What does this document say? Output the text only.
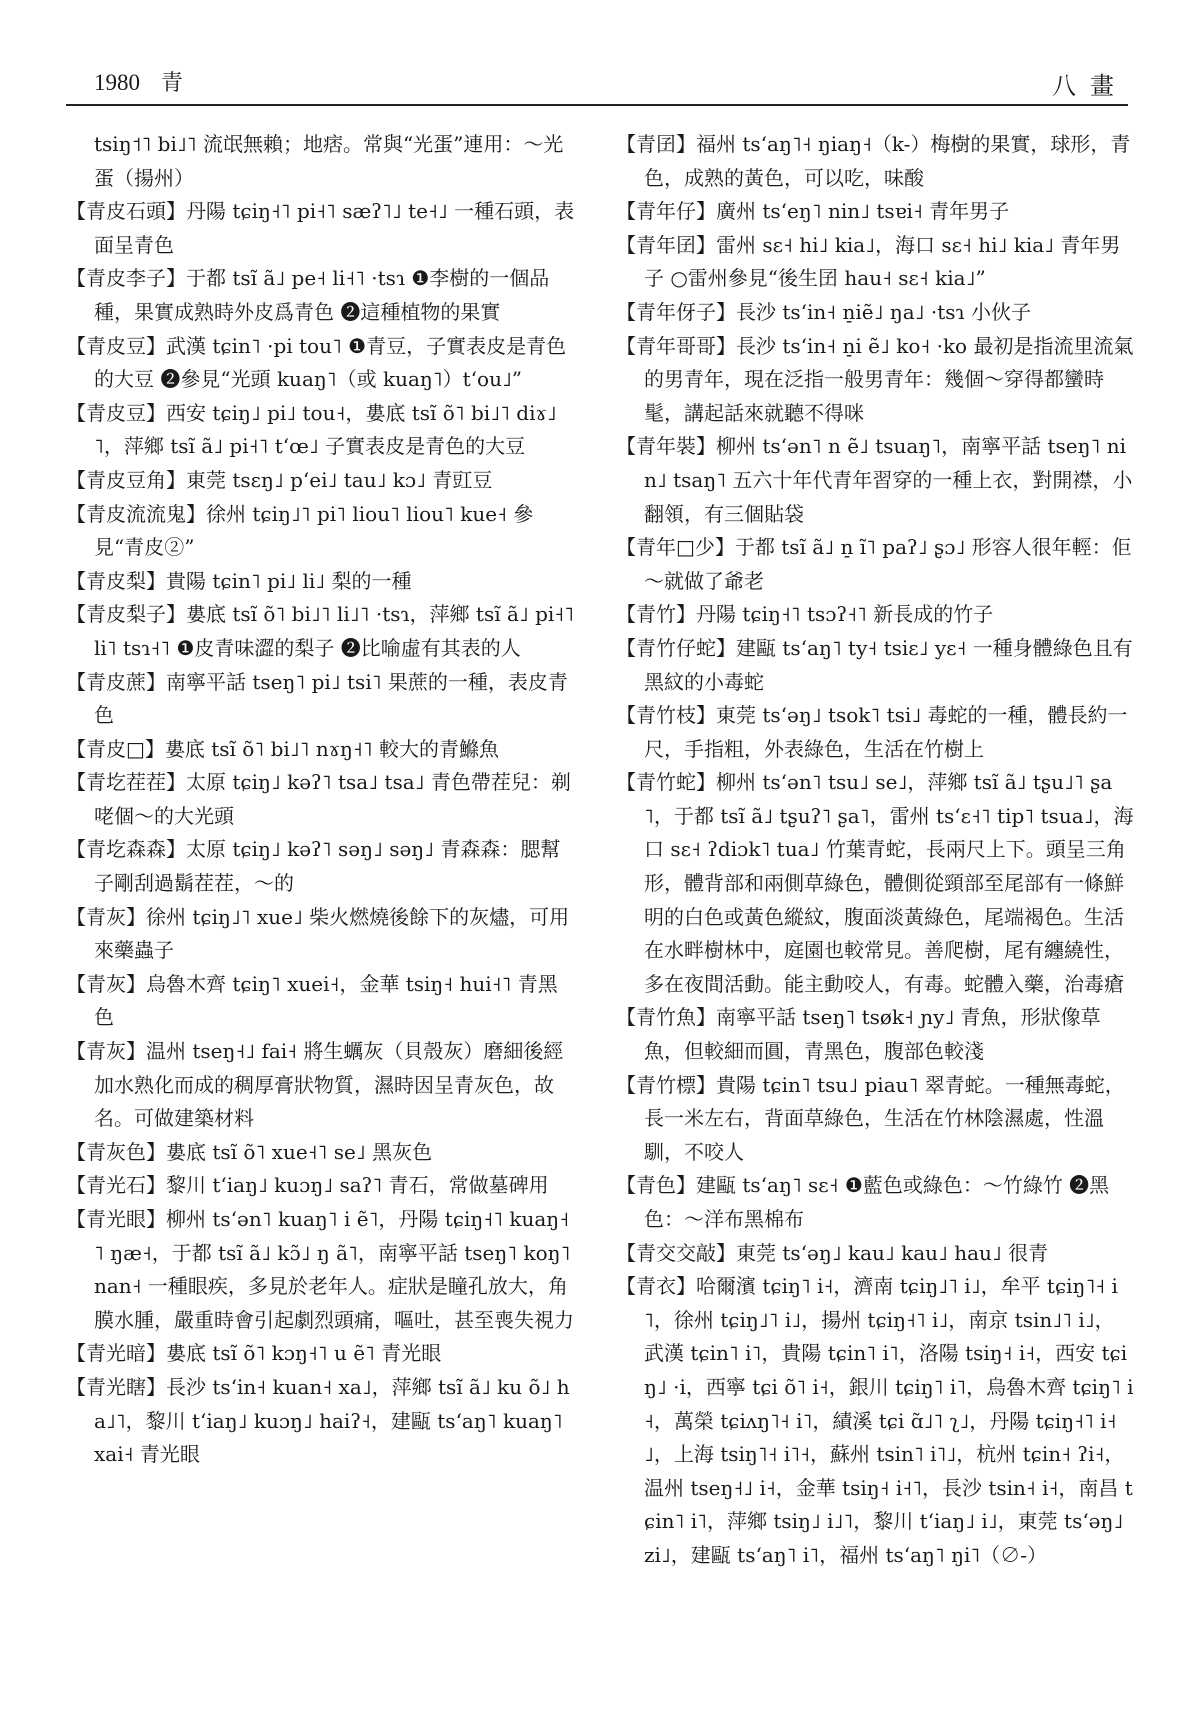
1980 青	八畫

tsiŋ˦˥ bi˩˥ 流氓無賴；地痞。常與“光蛋”連用：～光蛋（揚州）

【青皮石頭】丹陽 tɕiŋ˧˥ pi˧˥ sæʔ˥˩ te˧˩ 一種石頭，表面呈青色

【青皮李子】于都 tsĩ ã˩ pe˧ li˧˥ ·tsɿ ❶李樹的一個品種，果實成熟時外皮爲青色 ❷這種植物的果實

【青皮豆】武漢 tɕin˥ ·pi tou˥ ❶青豆，子實表皮是青色的大豆 ❷參見“光頭 kuaŋ˥（或 kuaŋ˥）tʻou˩”

【青皮豆】西安 tɕiŋ˩ pi˩ tou˧，婁底 tsĩ õ˥ bi˩˥ diɤ˩˥，萍鄉 tsĩ ã˩ pi˧˥ tʻœ˩ 子實表皮是青色的大豆

【青皮豆角】東莞 tsɛŋ˩ pʻei˩ tau˩ kɔ˩ 青豇豆

【青皮流流鬼】徐州 tɕiŋ˩˥ pi˥ liou˥ liou˥ kue˧ 參見“青皮②”

【青皮梨】貴陽 tɕin˥ pi˩ li˩ 梨的一種

【青皮梨子】婁底 tsĩ õ˥ bi˩˥ li˩˥ ·tsɿ，萍鄉 tsĩ ã˩ pi˧˥ li˥ tsɿ˧˥ ❶皮青味澀的梨子 ❷比喻虛有其表的人

【青皮蔗】南寧平話 tseŋ˥ pi˩ tsi˥ 果蔗的一種，表皮青色

【青皮□】婁底 tsĩ õ˥ bi˩˥ nɤŋ˧˥ 較大的青鰷魚

【青圪茬茬】太原 tɕiŋ˩ kəʔ˥ tsa˩ tsa˩ 青色帶茬兒：剃咾個～的大光頭

【青圪森森】太原 tɕiŋ˩ kəʔ˥ səŋ˩ səŋ˩ 青森森：腮幫子剛刮過鬍茬茬，～的

【青灰】徐州 tɕiŋ˩˥ xue˩ 柴火燃燒後餘下的灰燼，可用來藥蟲子

【青灰】烏魯木齊 tɕiŋ˥ xuei˧，金華 tsiŋ˧ hui˧˥ 青黑色

【青灰】温州 tseŋ˧˩ fai˧ 將生蠣灰（貝殼灰）磨細後經加水熟化而成的稠厚膏狀物質，濕時因呈青灰色，故名。可做建築材料

【青灰色】婁底 tsĩ õ˥ xue˧˥ se˩ 黑灰色

【青光石】黎川 tʻiaŋ˩ kuɔŋ˩ saʔ˥ 青石，常做墓碑用

【青光眼】柳州 tsʻən˥ kuaŋ˥ i ẽ˥，丹陽 tɕiŋ˧˥ kuaŋ˧˥ ŋæ˧，于都 tsĩ ã˩ kɔ̃˩ ŋ ã˥，南寧平話 tseŋ˥ koŋ˥ nan˧ 一種眼疾，多見於老年人。症狀是瞳孔放大，角膜水腫，嚴重時會引起劇烈頭痛，嘔吐，甚至喪失視力

【青光暗】婁底 tsĩ õ˥ kɔŋ˧˥ u ẽ˥ 青光眼

【青光瞎】長沙 tsʻin˧ kuan˧ xa˩，萍鄉 tsĩ ã˩ ku õ˩ ha˩˥，黎川 tʻiaŋ˩ kuɔŋ˩ haiʔ˧，建甌 tsʻaŋ˥ kuaŋ˥ xai˧ 青光眼

【青囝】福州 tsʻaŋ˥˧ ŋiaŋ˧（k-）梅樹的果實，球形，青色，成熟的黃色，可以吃，味酸

【青年仔】廣州 tsʻeŋ˥ nin˩ tsɐi˧ 青年男子

【青年囝】雷州 sɛ˧ hi˩ kia˩，海口 sɛ˧ hi˩ kia˩ 青年男子 ○雷州參見“後生囝 hau˧ sɛ˧ kia˩”

【青年伢子】長沙 tsʻin˧ n̠iẽ˩ ŋa˩ ·tsɿ 小伙子

【青年哥哥】長沙 tsʻin˧ n̠i ẽ˩ ko˧ ·ko 最初是指流里流氣的男青年，現在泛指一般男青年：幾個～穿得都蠻時髦，講起話來就聽不得咪

【青年裝】柳州 tsʻən˥ n ẽ˩ tsuaŋ˥，南寧平話 tseŋ˥ nin˩ tsaŋ˥ 五六十年代青年習穿的一種上衣，對開襟，小翻領，有三個貼袋

【青年□少】于都 tsĩ ã˩ n̠ ĩ˥ paʔ˩ ʂɔ˩ 形容人很年輕：佢～就做了爺老

【青竹】丹陽 tɕiŋ˧˥ tsɔʔ˧˥ 新長成的竹子

【青竹仔蛇】建甌 tsʻaŋ˥ ty˧ tsiɛ˩ yɛ˧ 一種身體綠色且有黑紋的小毒蛇

【青竹枝】東莞 tsʻəŋ˩ tsok˥ tsi˩ 毒蛇的一種，體長約一尺，手指粗，外表綠色，生活在竹樹上

【青竹蛇】柳州 tsʻən˥ tsu˩ se˩，萍鄉 tsĩ ã˩ tʂu˩˥ ʂa˥，于都 tsĩ ã˩ tʂuʔ˥ ʂa˥，雷州 tsʻɛ˧˥ tip˥ tsua˩，海口 sɛ˧ ʔdiɔk˥ tua˩ 竹葉青蛇，長兩尺上下。頭呈三角形，體背部和兩側草綠色，體側從頸部至尾部有一條鮮明的白色或黃色縱紋，腹面淡黃綠色，尾端褐色。生活在水畔樹林中，庭園也較常見。善爬樹，尾有纏繞性，多在夜間活動。能主動咬人，有毒。蛇體入藥，治毒瘡

【青竹魚】南寧平話 tseŋ˥ tsøk˧ ɲy˩ 青魚，形狀像草魚，但較細而圓，青黑色，腹部色較淺

【青竹標】貴陽 tɕin˥ tsu˩ piau˥ 翠青蛇。一種無毒蛇，長一米左右，背面草綠色，生活在竹林陰濕處，性溫馴，不咬人

【青色】建甌 tsʻaŋ˥ sɛ˧ ❶藍色或綠色：～竹綠竹 ❷黑色：～洋布黑棉布

【青交交敲】東莞 tsʻəŋ˩ kau˩ kau˩ hau˩ 很青

【青衣】哈爾濱 tɕiŋ˥ i˧，濟南 tɕiŋ˩˥ i˩，牟平 tɕiŋ˥˧ i˥，徐州 tɕiŋ˩˥ i˩，揚州 tɕiŋ˧˥ i˩，南京 tsin˩˥ i˩，武漢 tɕin˥ i˥，貴陽 tɕin˥ i˥，洛陽 tsiŋ˧ i˧，西安 tɕiŋ˩ ·i，西寧 tɕi õ˥ i˧，銀川 tɕiŋ˥ i˥，烏魯木齊 tɕiŋ˥ i˧，萬榮 tɕiʌŋ˥˧ i˥，績溪 tɕi ɑ̃˩˥ ʅ˩，丹陽 tɕiŋ˧˥ i˧˩，上海 tsiŋ˥˧ i˥˧，蘇州 tsin˥ i˥˩，杭州 tɕin˧ ʔi˧，温州 tseŋ˧˩ i˧，金華 tsiŋ˧ i˧˥，長沙 tsin˧ i˧，南昌 tɕin˥ i˥，萍鄉 tsiŋ˩ i˩˥，黎川 tʻiaŋ˩ i˩，東莞 tsʻəŋ˩ zi˩，建甌 tsʻaŋ˥ i˥，福州 tsʻaŋ˥ ŋi˥（∅-）
